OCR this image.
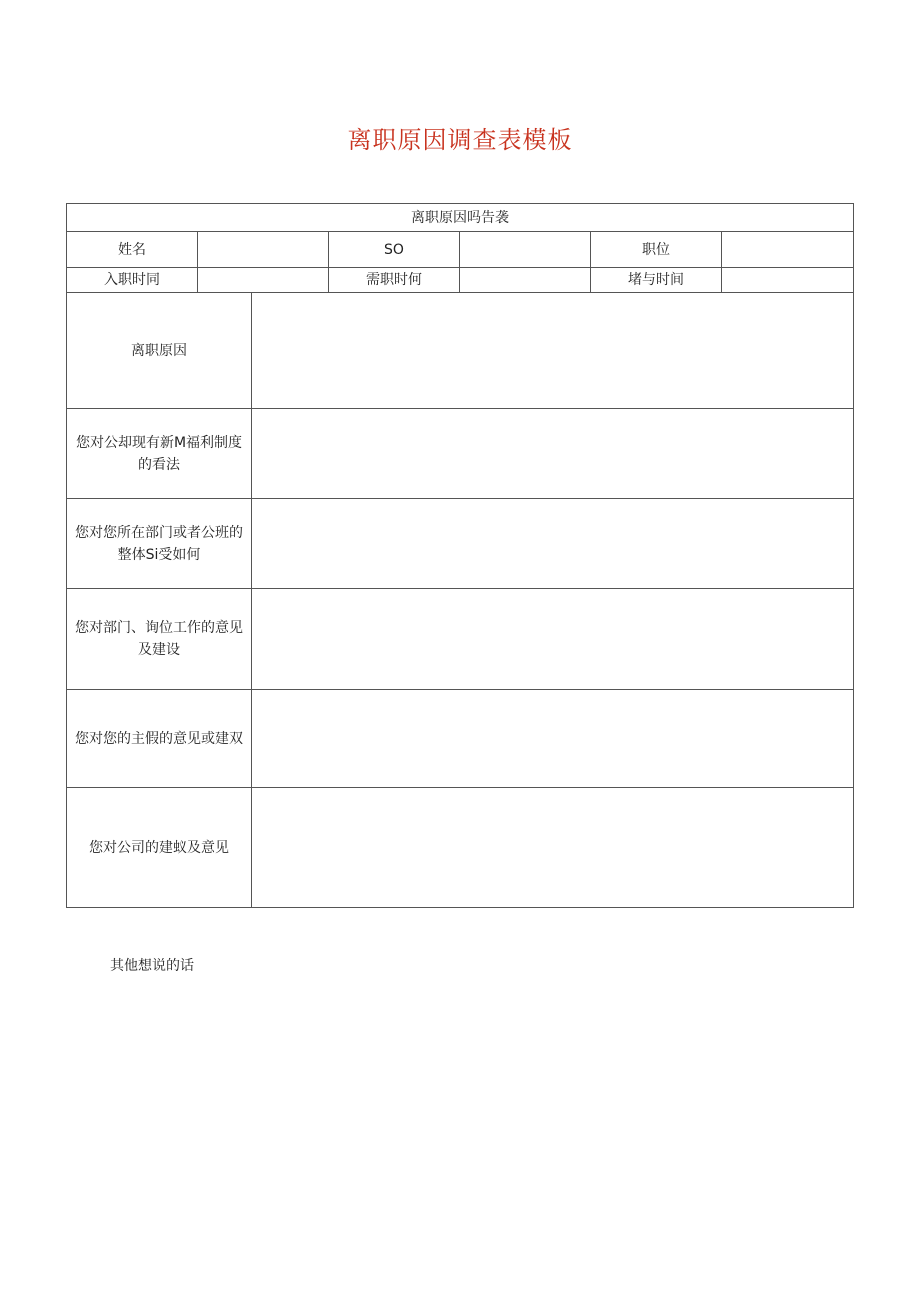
离职原因调查表模板
离职原因吗告袭
姓名	SO	职位
入职时同	需职时何	堵与时间
离职原因
您对公却现有新M福利制度的看法
您对您所在部门或者公班的整体Si受如何
您对部门、询位工作的意见及建设
您对您的主假的意见或建双
您对公司的建蚁及意见
其他想说的话
